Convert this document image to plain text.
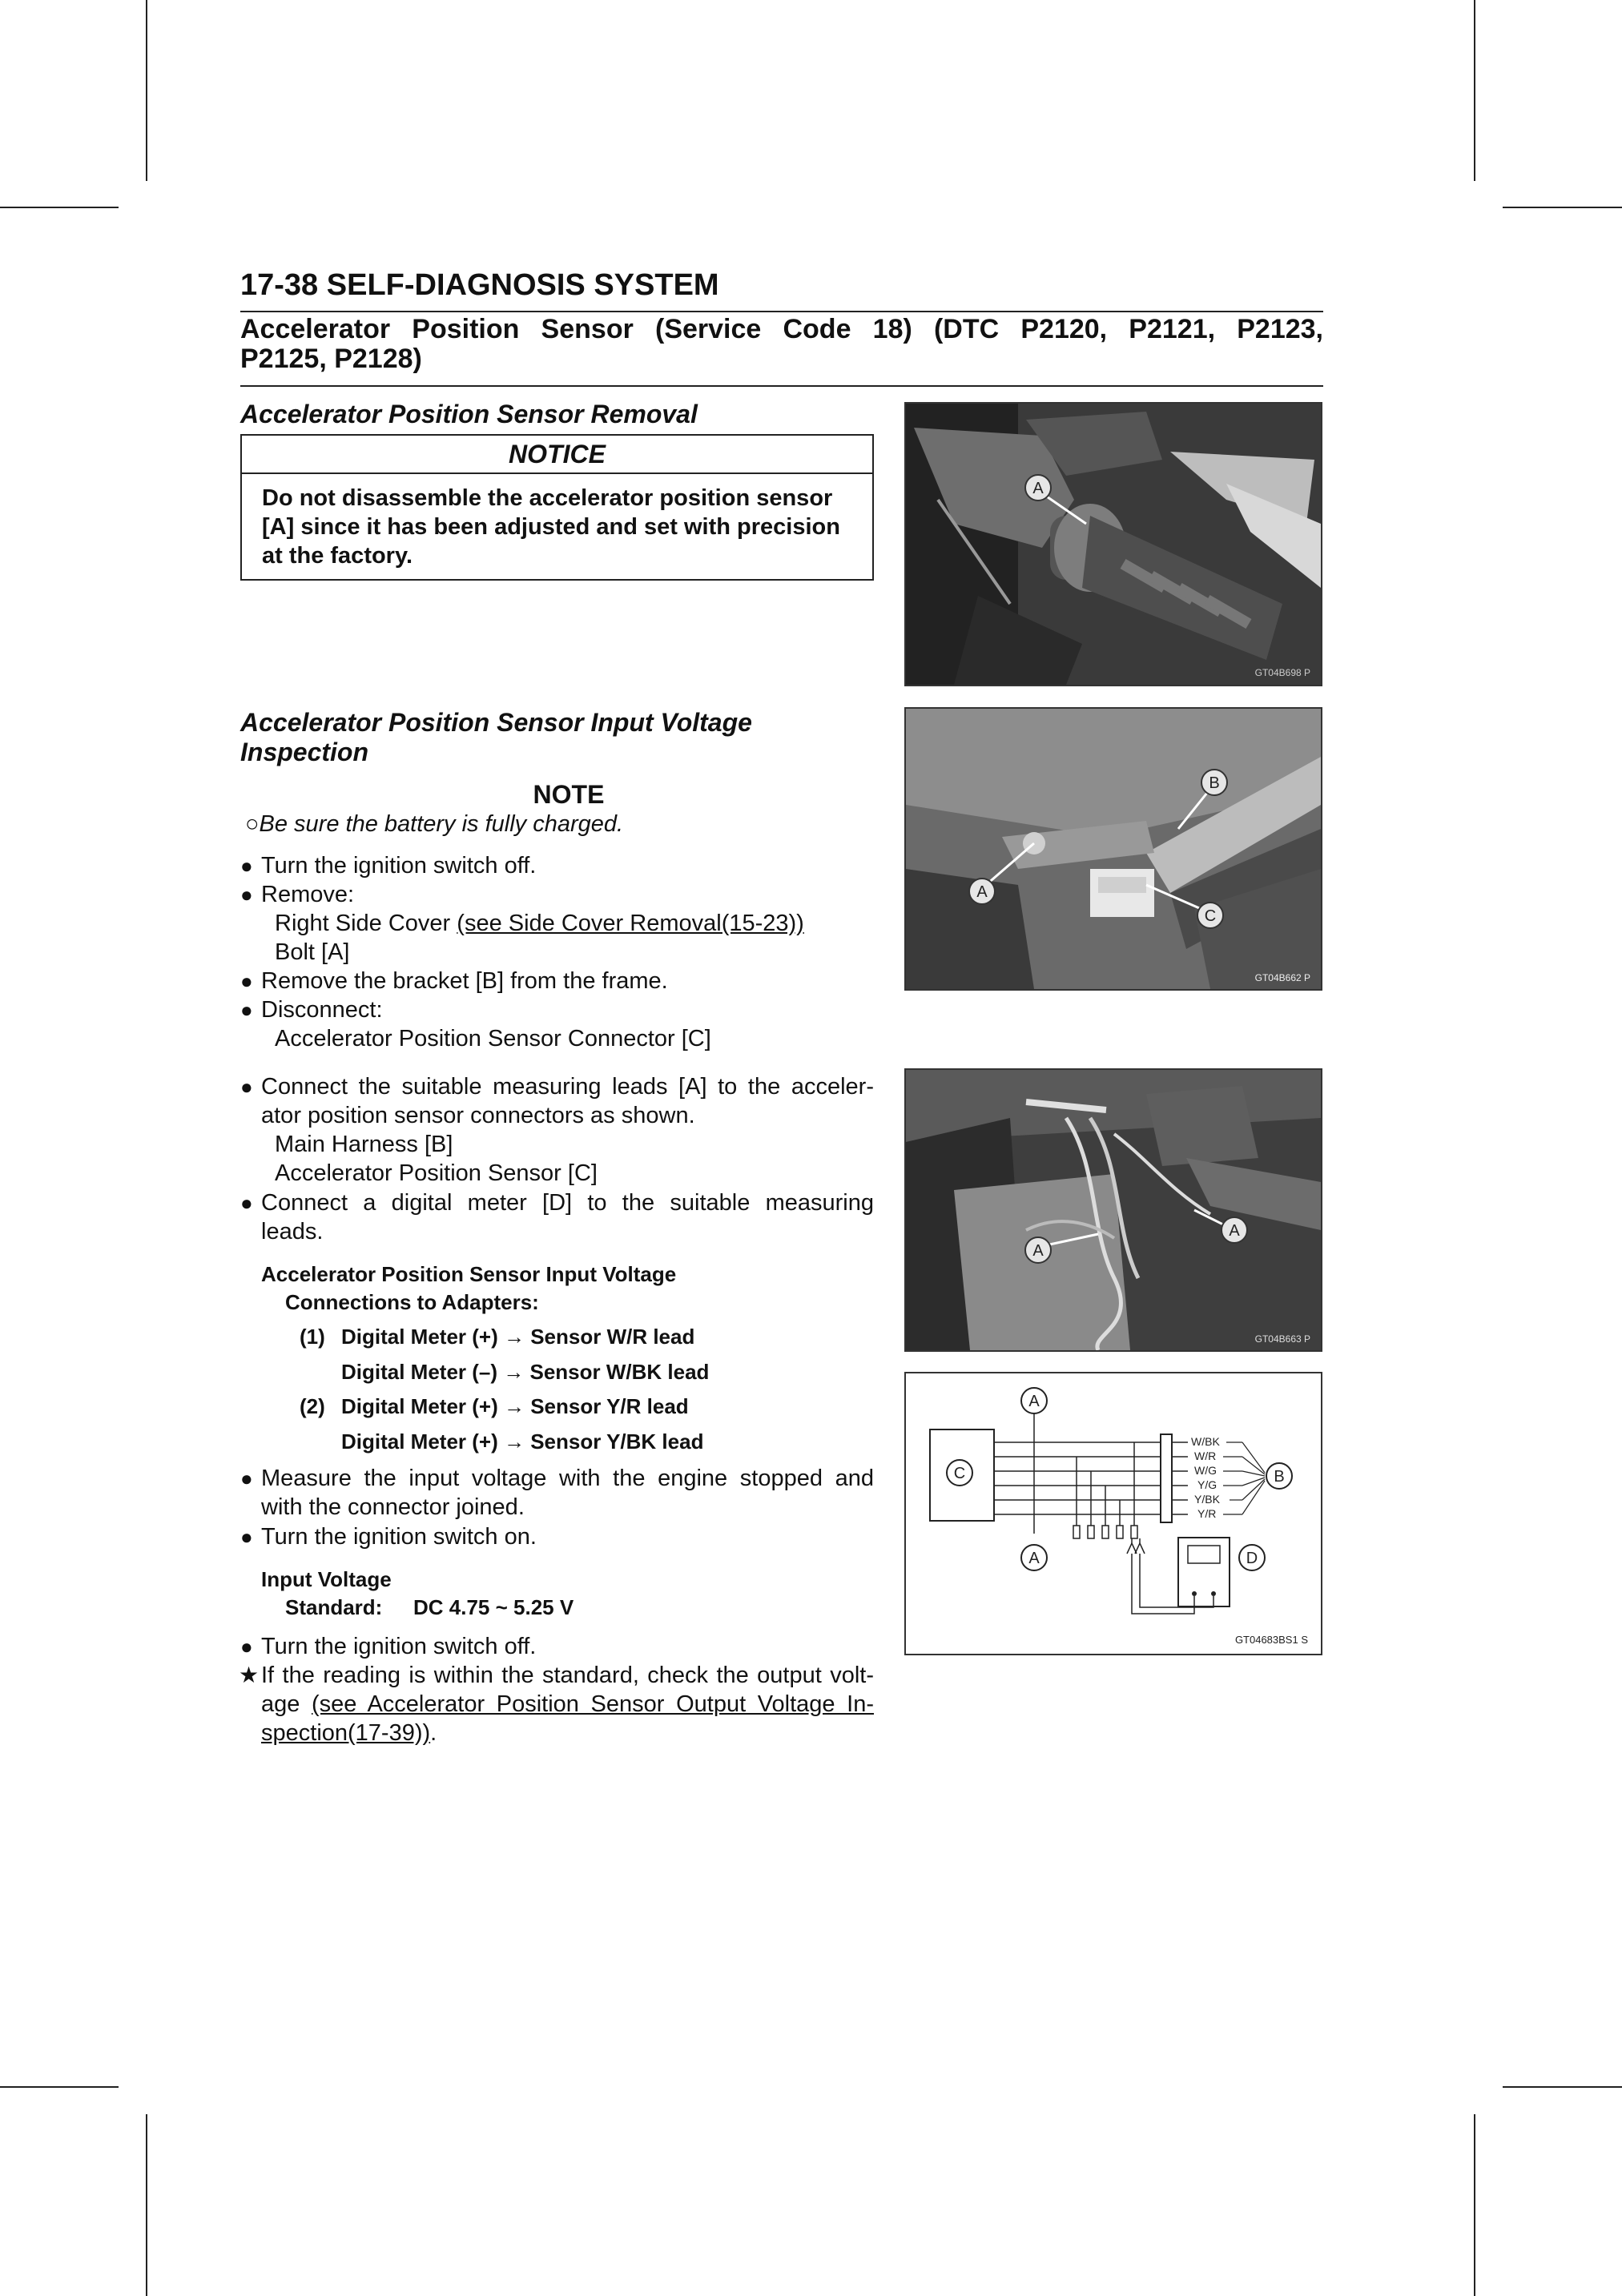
17-38 SELF-DIAGNOSIS SYSTEM
Accelerator Position Sensor (Service Code 18) (DTC P2120, P2121, P2123,
P2125, P2128)
Accelerator Position Sensor Removal
NOTICE
Do not disassemble the accelerator position sensor
[A] since it has been adjusted and set with precision
at the factory.
Accelerator Position Sensor Input Voltage
Inspection
NOTE
○Be sure the battery is fully charged.
● Turn the ignition switch off.
● Remove:
Right Side Cover (see Side Cover Removal(15-23))
Bolt [A]
● Remove the bracket [B] from the frame.
● Disconnect:
Accelerator Position Sensor Connector [C]
● Connect the suitable measuring leads [A] to the acceler-
ator position sensor connectors as shown.
Main Harness [B]
Accelerator Position Sensor [C]
● Connect a digital meter [D] to the suitable measuring
leads.
Accelerator Position Sensor Input Voltage
Connections to Adapters:
(1) Digital Meter (+) → Sensor W/R lead
Digital Meter (–) → Sensor W/BK lead
(2) Digital Meter (+) → Sensor Y/R lead
Digital Meter (+) → Sensor Y/BK lead
● Measure the input voltage with the engine stopped and
with the connector joined.
● Turn the ignition switch on.
Input Voltage
Standard: DC 4.75 ~ 5.25 V
● Turn the ignition switch off.
★ If the reading is within the standard, check the output volt-
age (see Accelerator Position Sensor Output Voltage In-
spection(17-39)).
A
GT04B698 P
B
A
C
GT04B662 P
A
A
GT04B663 P
C
W/BK
W/R
W/G
Y/G
Y/BK
Y/R
B
A
A	D
GT04683BS1 S
